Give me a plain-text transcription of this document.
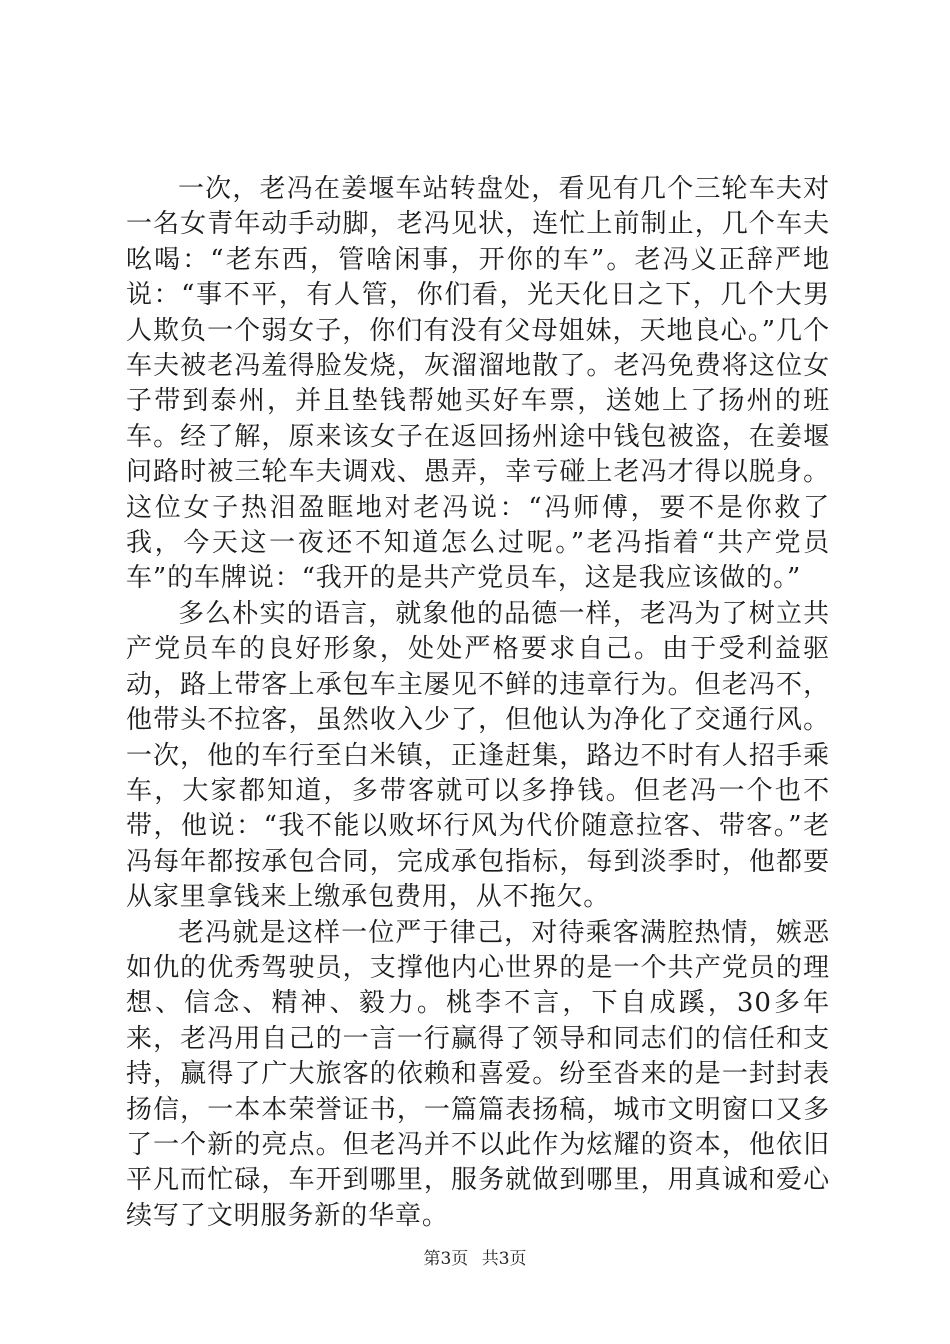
一次，老冯在姜堰车站转盘处，看见有几个三轮车夫对一名女青年动手动脚，老冯见状，连忙上前制止，几个车夫吆喝：“老东西，管啥闲事，开你的车”。老冯义正辞严地说：“事不平，有人管，你们看，光天化日之下，几个大男人欺负一个弱女子，你们有没有父母姐妹，天地良心。”几个车夫被老冯羞得脸发烧，灰溜溜地散了。老冯免费将这位女子带到泰州，并且垫钱帮她买好车票，送她上了扬州的班车。经了解，原来该女子在返回扬州途中钱包被盗，在姜堰问路时被三轮车夫调戏、愚弄，幸亏碰上老冯才得以脱身。这位女子热泪盈眶地对老冯说：“冯师傅，要不是你救了我，今天这一夜还不知道怎么过呢。”老冯指着“共产党员车”的车牌说：“我开的是共产党员车，这是我应该做的。”

多么朴实的语言，就象他的品德一样，老冯为了树立共产党员车的良好形象，处处严格要求自己。由于受利益驱动，路上带客上承包车主屡见不鲜的违章行为。但老冯不，他带头不拉客，虽然收入少了，但他认为净化了交通行风。一次，他的车行至白米镇，正逢赶集，路边不时有人招手乘车，大家都知道，多带客就可以多挣钱。但老冯一个也不带，他说：“我不能以败坏行风为代价随意拉客、带客。”老冯每年都按承包合同，完成承包指标，每到淡季时，他都要从家里拿钱来上缴承包费用，从不拖欠。

老冯就是这样一位严于律己，对待乘客满腔热情，嫉恶如仇的优秀驾驶员，支撑他内心世界的是一个共产党员的理想、信念、精神、毅力。桃李不言，下自成蹊，30多年来，老冯用自己的一言一行赢得了领导和同志们的信任和支持，赢得了广大旅客的依赖和喜爱。纷至沓来的是一封封表扬信，一本本荣誉证书，一篇篇表扬稿，城市文明窗口又多了一个新的亮点。但老冯并不以此作为炫耀的资本，他依旧平凡而忙碌，车开到哪里，服务就做到哪里，用真诚和爱心续写了文明服务新的华章。

第3页 共3页
